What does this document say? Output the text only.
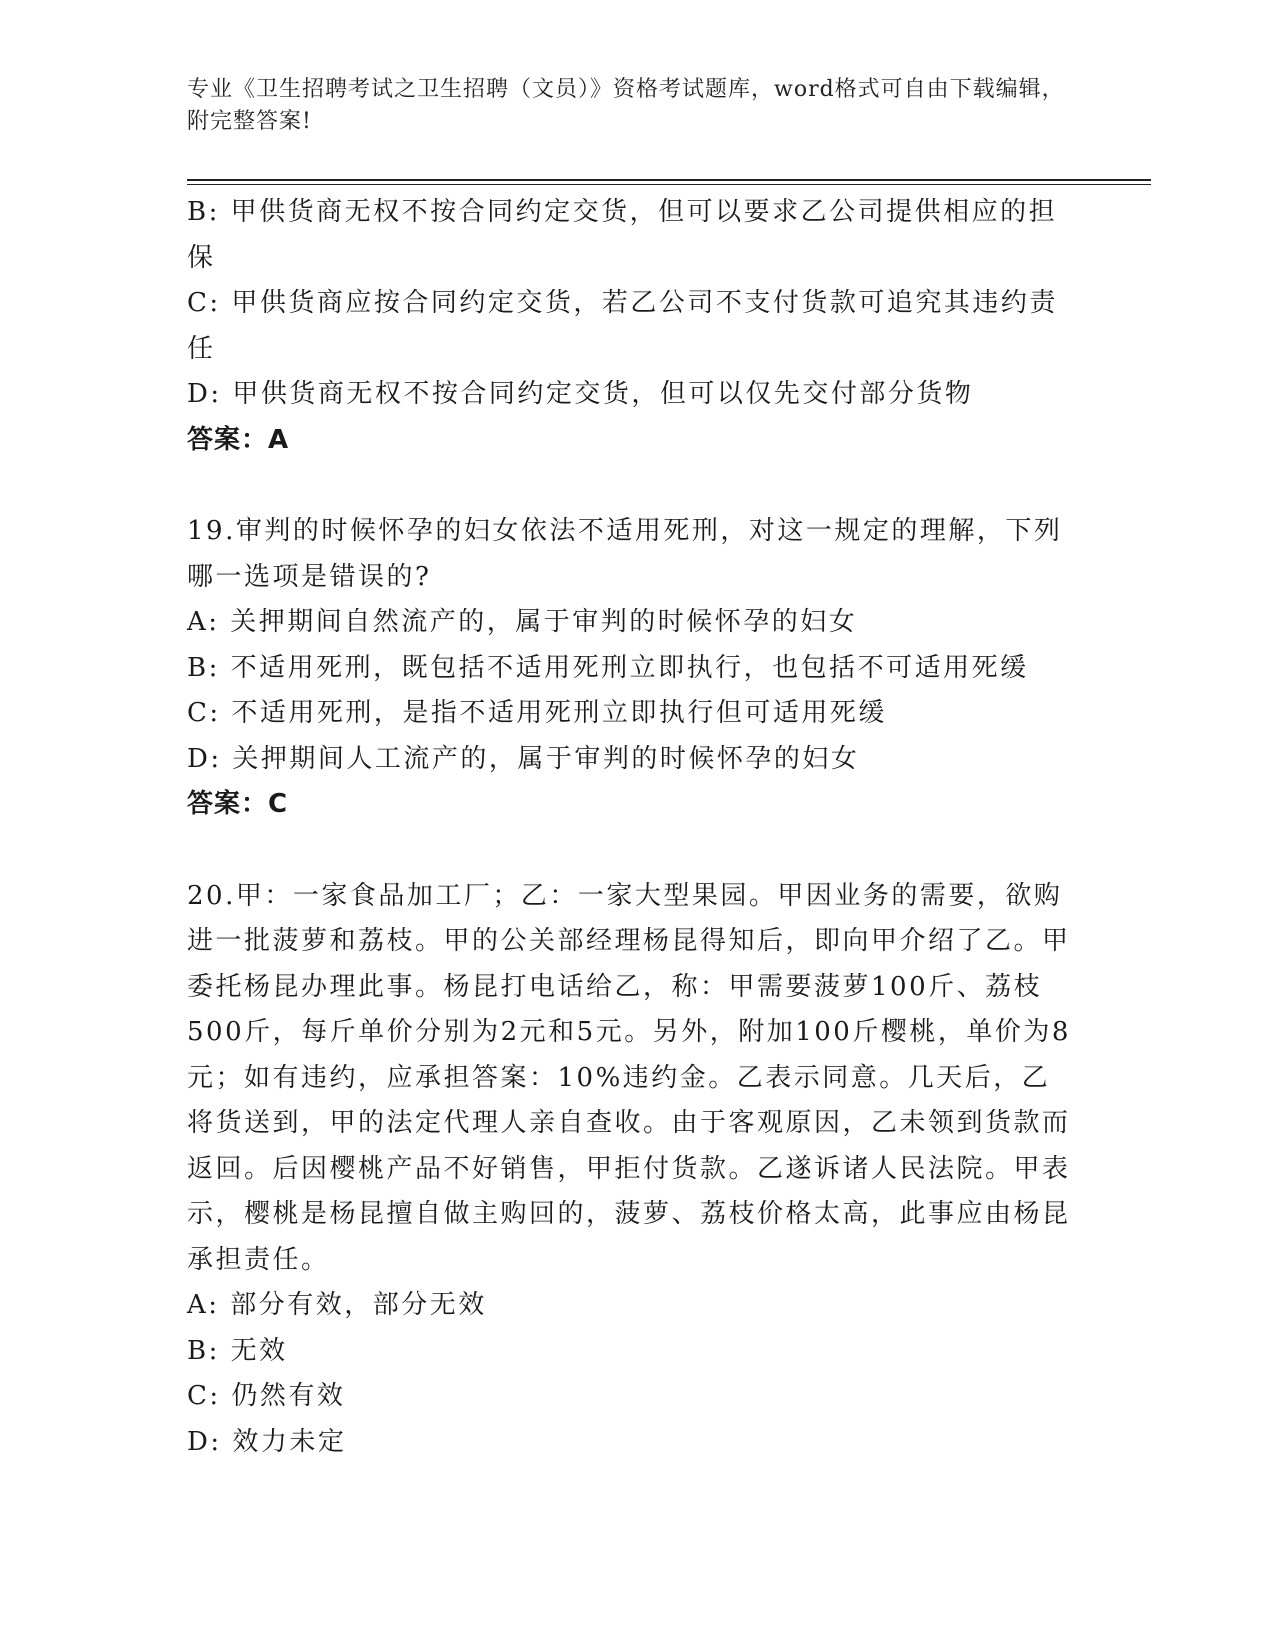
专业《卫生招聘考试之卫生招聘（文员）》资格考试题库，word格式可自由下载编辑，附完整答案!

B: 甲供货商无权不按合同约定交货，但可以要求乙公司提供相应的担保

C: 甲供货商应按合同约定交货，若乙公司不支付货款可追究其违约责任

D: 甲供货商无权不按合同约定交货，但可以仅先交付部分货物

答案：A

19.审判的时候怀孕的妇女依法不适用死刑，对这一规定的理解，下列哪一选项是错误的?

A: 关押期间自然流产的，属于审判的时候怀孕的妇女

B: 不适用死刑，既包括不适用死刑立即执行，也包括不可适用死缓

C: 不适用死刑，是指不适用死刑立即执行但可适用死缓

D: 关押期间人工流产的，属于审判的时候怀孕的妇女

答案：C

20.甲：一家食品加工厂；乙：一家大型果园。甲因业务的需要，欲购进一批菠萝和荔枝。甲的公关部经理杨昆得知后，即向甲介绍了乙。甲委托杨昆办理此事。杨昆打电话给乙，称：甲需要菠萝100斤、荔枝500斤，每斤单价分别为2元和5元。另外，附加100斤樱桃，单价为8元；如有违约，应承担答案：10%违约金。乙表示同意。几天后，乙将货送到，甲的法定代理人亲自查收。由于客观原因，乙未领到货款而返回。后因樱桃产品不好销售，甲拒付货款。乙遂诉诸人民法院。甲表示，樱桃是杨昆擅自做主购回的，菠萝、荔枝价格太高，此事应由杨昆承担责任。

A: 部分有效，部分无效

B: 无效

C: 仍然有效

D: 效力未定
